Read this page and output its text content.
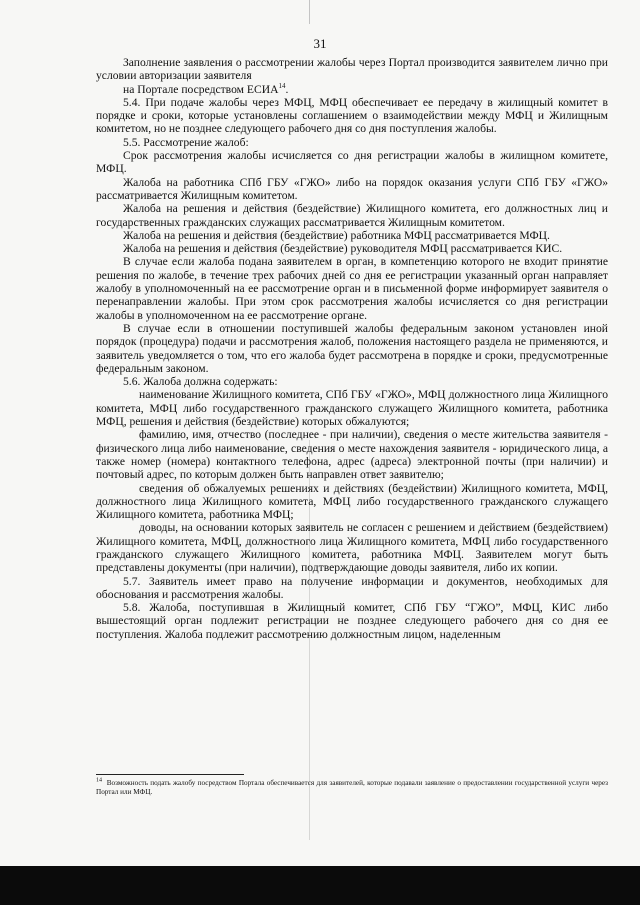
31

Заполнение заявления о рассмотрении жалобы через Портал производится заявителем лично при условии авторизации заявителя

на Портале посредством ЕСИА$^{14}$.

5.4. При подаче жалобы через МФЦ, МФЦ обеспечивает ее передачу в жилищный комитет в порядке и сроки, которые установлены соглашением о взаимодействии между МФЦ и Жилищным комитетом, но не позднее следующего рабочего дня со дня поступления жалобы.

5.5. Рассмотрение жалоб:

Срок рассмотрения жалобы исчисляется со дня регистрации жалобы в жилищном комитете, МФЦ.

Жалоба на работника СПб ГБУ «ГЖО» либо на порядок оказания услуги СПб ГБУ «ГЖО» рассматривается Жилищным комитетом.

Жалоба на решения и действия (бездействие) Жилищного комитета, его должностных лиц и государственных гражданских служащих рассматривается Жилищным комитетом.

Жалоба на решения и действия (бездействие) работника МФЦ рассматривается МФЦ.

Жалоба на решения и действия (бездействие) руководителя МФЦ рассматривается КИС.

В случае если жалоба подана заявителем в орган, в компетенцию которого не входит принятие решения по жалобе, в течение трех рабочих дней со дня ее регистрации указанный орган направляет жалобу в уполномоченный на ее рассмотрение орган и в письменной форме информирует заявителя о перенаправлении жалобы. При этом срок рассмотрения жалобы исчисляется со дня регистрации жалобы в уполномоченном на ее рассмотрение органе.

В случае если в отношении поступившей жалобы федеральным законом установлен иной порядок (процедура) подачи и рассмотрения жалоб, положения настоящего раздела не применяются, и заявитель уведомляется о том, что его жалоба будет рассмотрена в порядке и сроки, предусмотренные федеральным законом.

5.6. Жалоба должна содержать:

наименование Жилищного комитета, СПб ГБУ «ГЖО», МФЦ должностного лица Жилищного комитета, МФЦ либо государственного гражданского служащего Жилищного комитета, работника МФЦ, решения и действия (бездействие) которых обжалуются;

фамилию, имя, отчество (последнее - при наличии), сведения о месте жительства заявителя - физического лица либо наименование, сведения о месте нахождения заявителя - юридического лица, а также номер (номера) контактного телефона, адрес (адреса) электронной почты (при наличии) и почтовый адрес, по которым должен быть направлен ответ заявителю;

сведения об обжалуемых решениях и действиях (бездействии) Жилищного комитета, МФЦ, должностного лица Жилищного комитета, МФЦ либо государственного гражданского служащего Жилищного комитета, работника МФЦ;

доводы, на основании которых заявитель не согласен с решением и действием (бездействием) Жилищного комитета, МФЦ, должностного лица Жилищного комитета, МФЦ либо государственного гражданского служащего Жилищного комитета, работника МФЦ. Заявителем могут быть представлены документы (при наличии), подтверждающие доводы заявителя, либо их копии.

5.7. Заявитель имеет право на получение информации и документов, необходимых для обоснования и рассмотрения жалобы.

5.8. Жалоба, поступившая в Жилищный комитет, СПб ГБУ “ГЖО”, МФЦ, КИС либо вышестоящий орган подлежит регистрации не позднее следующего рабочего дня со дня ее поступления. Жалоба подлежит рассмотрению должностным лицом, наделенным

$^{14}$ Возможность подать жалобу посредством Портала обеспечивается для заявителей, которые подавали заявление о предоставлении государственной услуги через Портал или МФЦ.
